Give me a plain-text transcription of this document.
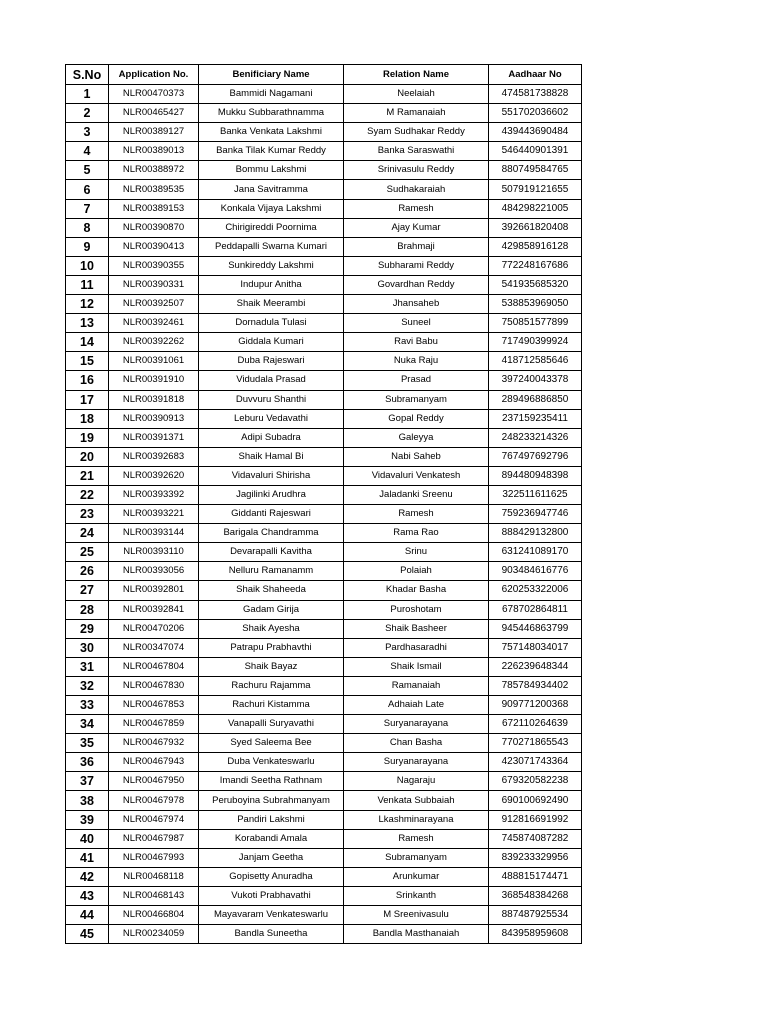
S.No	Application No.	Benificiary Name	Relation Name	Aadhaar No
1	NLR00470373	Bammidi Nagamani	Neelaiah	474581738828
2	NLR00465427	Mukku Subbarathnamma	M Ramanaiah	551702036602
3	NLR00389127	Banka Venkata Lakshmi	Syam Sudhakar Reddy	439443690484
4	NLR00389013	Banka Tilak Kumar Reddy	Banka Saraswathi	546440901391
5	NLR00388972	Bommu Lakshmi	Srinivasulu Reddy	880749584765
6	NLR00389535	Jana Savitramma	Sudhakaraiah	507919121655
7	NLR00389153	Konkala Vijaya Lakshmi	Ramesh	484298221005
8	NLR00390870	Chirigireddi Poornima	Ajay Kumar	392661820408
9	NLR00390413	Peddapalli Swarna Kumari	Brahmaji	429858916128
10	NLR00390355	Sunkireddy Lakshmi	Subharami Reddy	772248167686
11	NLR00390331	Indupur Anitha	Govardhan Reddy	541935685320
12	NLR00392507	Shaik Meerambi	Jhansaheb	538853969050
13	NLR00392461	Dornadula Tulasi	Suneel	750851577899
14	NLR00392262	Giddala Kumari	Ravi Babu	717490399924
15	NLR00391061	Duba Rajeswari	Nuka Raju	418712585646
16	NLR00391910	Vidudala Prasad	Prasad	397240043378
17	NLR00391818	Duvvuru Shanthi	Subramanyam	289496886850
18	NLR00390913	Leburu Vedavathi	Gopal Reddy	237159235411
19	NLR00391371	Adipi Subadra	Galeyya	248233214326
20	NLR00392683	Shaik Hamal Bi	Nabi Saheb	767497692796
21	NLR00392620	Vidavaluri Shirisha	Vidavaluri Venkatesh	894480948398
22	NLR00393392	Jagilinki Arudhra	Jaladanki Sreenu	322511611625
23	NLR00393221	Giddanti Rajeswari	Ramesh	759236947746
24	NLR00393144	Barigala Chandramma	Rama Rao	888429132800
25	NLR00393110	Devarapalli Kavitha	Srinu	631241089170
26	NLR00393056	Nelluru Ramanamm	Polaiah	903484616776
27	NLR00392801	Shaik Shaheeda	Khadar Basha	620253322006
28	NLR00392841	Gadam Girija	Puroshotam	678702864811
29	NLR00470206	Shaik Ayesha	Shaik Basheer	945446863799
30	NLR00347074	Patrapu Prabhavthi	Pardhasaradhi	757148034017
31	NLR00467804	Shaik Bayaz	Shaik Ismail	226239648344
32	NLR00467830	Rachuru Rajamma	Ramanaiah	785784934402
33	NLR00467853	Rachuri Kistamma	Adhaiah Late	909771200368
34	NLR00467859	Vanapalli Suryavathi	Suryanarayana	672110264639
35	NLR00467932	Syed Saleema Bee	Chan Basha	770271865543
36	NLR00467943	Duba Venkateswarlu	Suryanarayana	423071743364
37	NLR00467950	Imandi Seetha Rathnam	Nagaraju	679320582238
38	NLR00467978	Peruboyina Subrahmanyam	Venkata Subbaiah	690100692490
39	NLR00467974	Pandiri Lakshmi	Lkashminarayana	912816691992
40	NLR00467987	Korabandi Amala	Ramesh	745874087282
41	NLR00467993	Janjam Geetha	Subramanyam	839233329956
42	NLR00468118	Gopisetty Anuradha	Arunkumar	488815174471
43	NLR00468143	Vukoti Prabhavathi	Srinkanth	368548384268
44	NLR00466804	Mayavaram Venkateswarlu	M Sreenivasulu	887487925534
45	NLR00234059	Bandla Suneetha	Bandla Masthanaiah	843958959608
